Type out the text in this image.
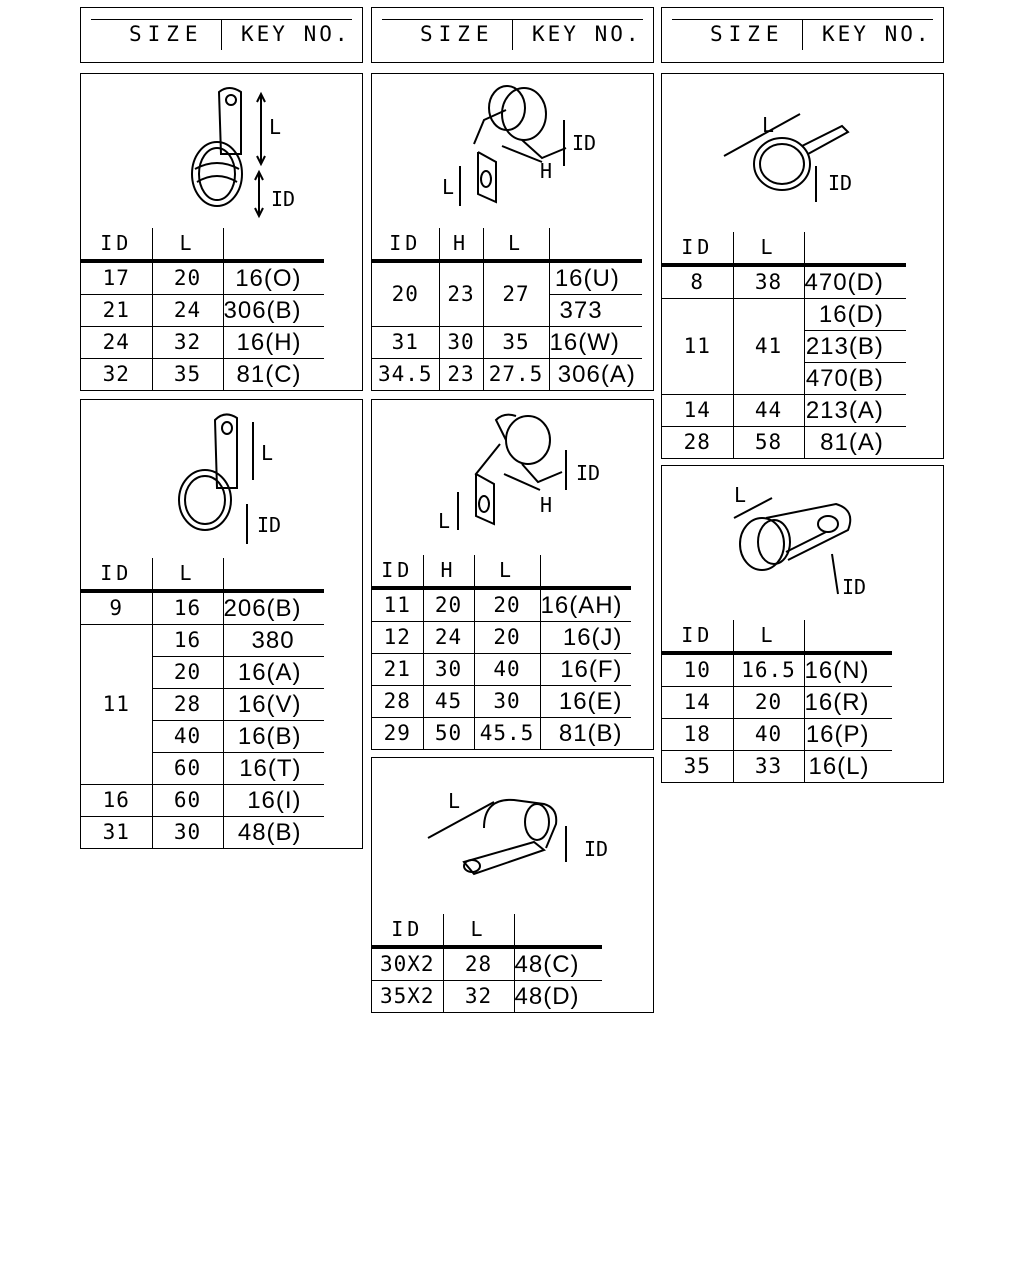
SIZE KEY NO.	SIZE KEY NO.	SIZE KEY NO.
L
ID
ID	L	
17	20	16(O)
21	24	306(B)
24	32	16(H)
32	35	81(C)
ID
H
L
ID	H	L	
20	23	27	16(U)
			373
31	30	35	16(W)
34.5	23	27.5	306(A)
L
ID
ID	L	
8	38	470(D)
11	41	16(D)
		213(B)
		470(B)
14	44	213(A)
28	58	81(A)
L
ID
ID	L	
9	16	206(B)
11	16	380
	20	16(A)
	28	16(V)
	40	16(B)
	60	16(T)
16	60	16(I)
31	30	48(B)
ID
H
L
ID	H	L	
11	20	20	16(AH)
12	24	20	16(J)
21	30	40	16(F)
28	45	30	16(E)
29	50	45.5	81(B)
L
ID
ID	L	
10	16.5	16(N)
14	20	16(R)
18	40	16(P)
35	33	16(L)
L
ID
ID	L	
30X2	28	48(C)
35X2	32	48(D)
